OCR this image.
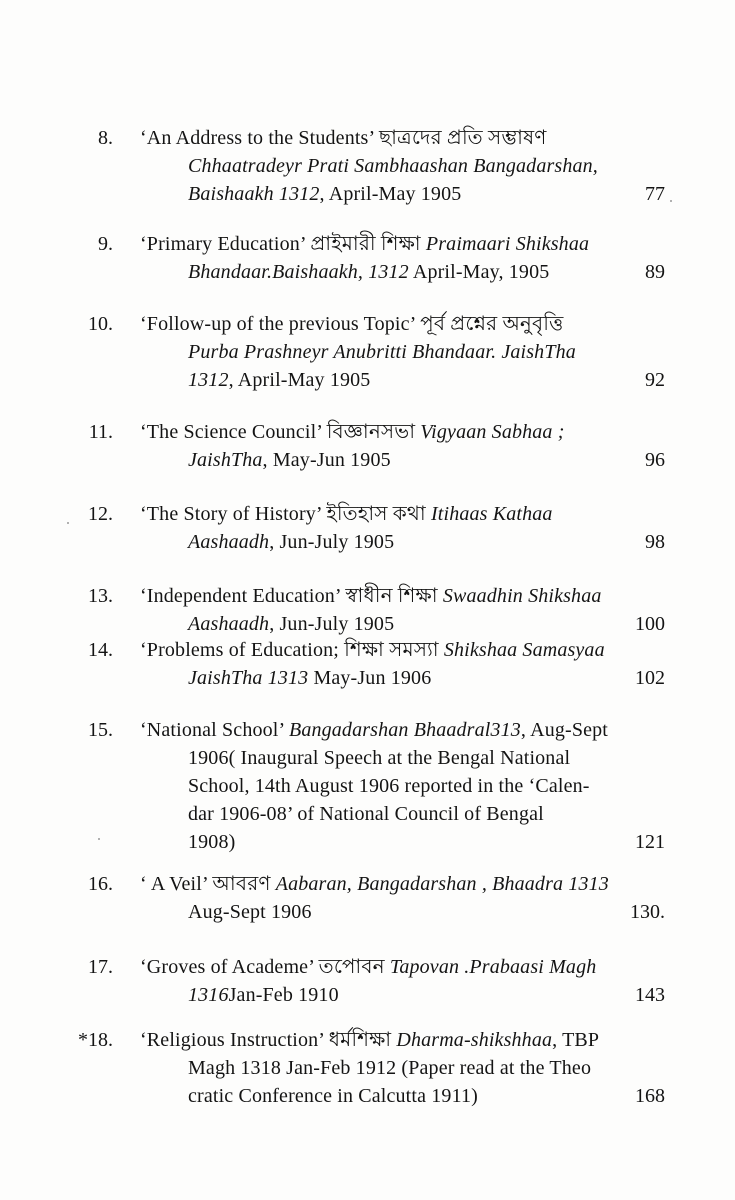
8. ‘An Address to the Students’ ছাত্রদের প্রতি সম্ভাষণ
Chhaatradeyr Prati Sambhaashan Bangadarshan,
Baishaakh 1312, April-May 1905	77
9. ‘Primary Education’ প্রাইমারী শিক্ষা Praimaari Shikshaa
Bhandaar.Baishaakh, 1312 April-May, 1905	89
10. ‘Follow-up of the previous Topic’ পূর্ব প্রশ্নের অনুবৃত্তি
Purba Prashneyr Anubritti Bhandaar. JaishTha
1312, April-May 1905	92
11. ‘The Science Council’ বিজ্ঞানসভা Vigyaan Sabhaa ;
JaishTha, May-Jun 1905	96
12. ‘The Story of History’ ইতিহাস কথা Itihaas Kathaa
Aashaadh, Jun-July 1905	98
13. ‘Independent Education’ স্বাধীন শিক্ষা Swaadhin Shikshaa
Aashaadh, Jun-July 1905	100
14. ‘Problems of Education; শিক্ষা সমস্যা Shikshaa Samasyaa
JaishTha 1313 May-Jun 1906	102
15. ‘National School’ Bangadarshan Bhaadral313, Aug-Sept
1906( Inaugural Speech at the Bengal National
School, 14th August 1906 reported in the ‘Calen-
dar 1906-08’ of National Council of Bengal
1908)	121
16. ‘ A Veil’ আবরণ Aabaran, Bangadarshan , Bhaadra 1313
Aug-Sept 1906	130.
17. ‘Groves of Academe’ তপোবন Tapovan .Prabaasi Magh
1316Jan-Feb 1910	143
*18. ‘Religious Instruction’ ধর্মশিক্ষা Dharma-shikshhaa, TBP
Magh 1318 Jan-Feb 1912 (Paper read at the Theo
cratic Conference in Calcutta 1911)	168
